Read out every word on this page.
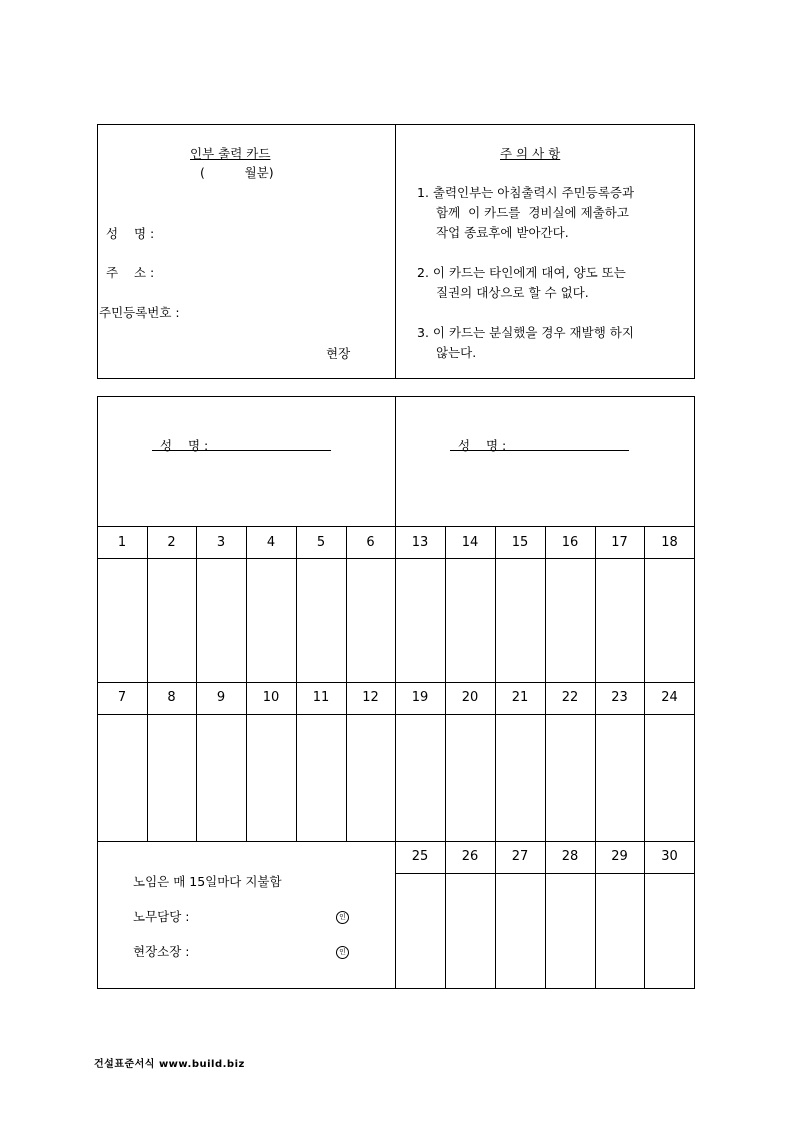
인부 출력 카드
(          월분)
성    명 :
주    소 :
주민등록번호 :
현장
주 의 사 항
1. 출력인부는 아침출력시 주민등록증과
함께  이 카드를  경비실에 제출하고
작업 종료후에 받아간다.
2. 이 카드는 타인에게 대여, 양도 또는
질권의 대상으로 할 수 없다.
3. 이 카드는 분실했을 경우 재발행 하지
않는다.
성    명 :	성    명 :
1	2	3	4	5	6	13	14	15	16	17	18
7	8	9	10	11	12	19	20	21	22	23	24
25	26	27	28	29	30
노임은 매 15일마다 지불함
노무담당 :	인
현장소장 :	인
건설표준서식 www.build.biz
